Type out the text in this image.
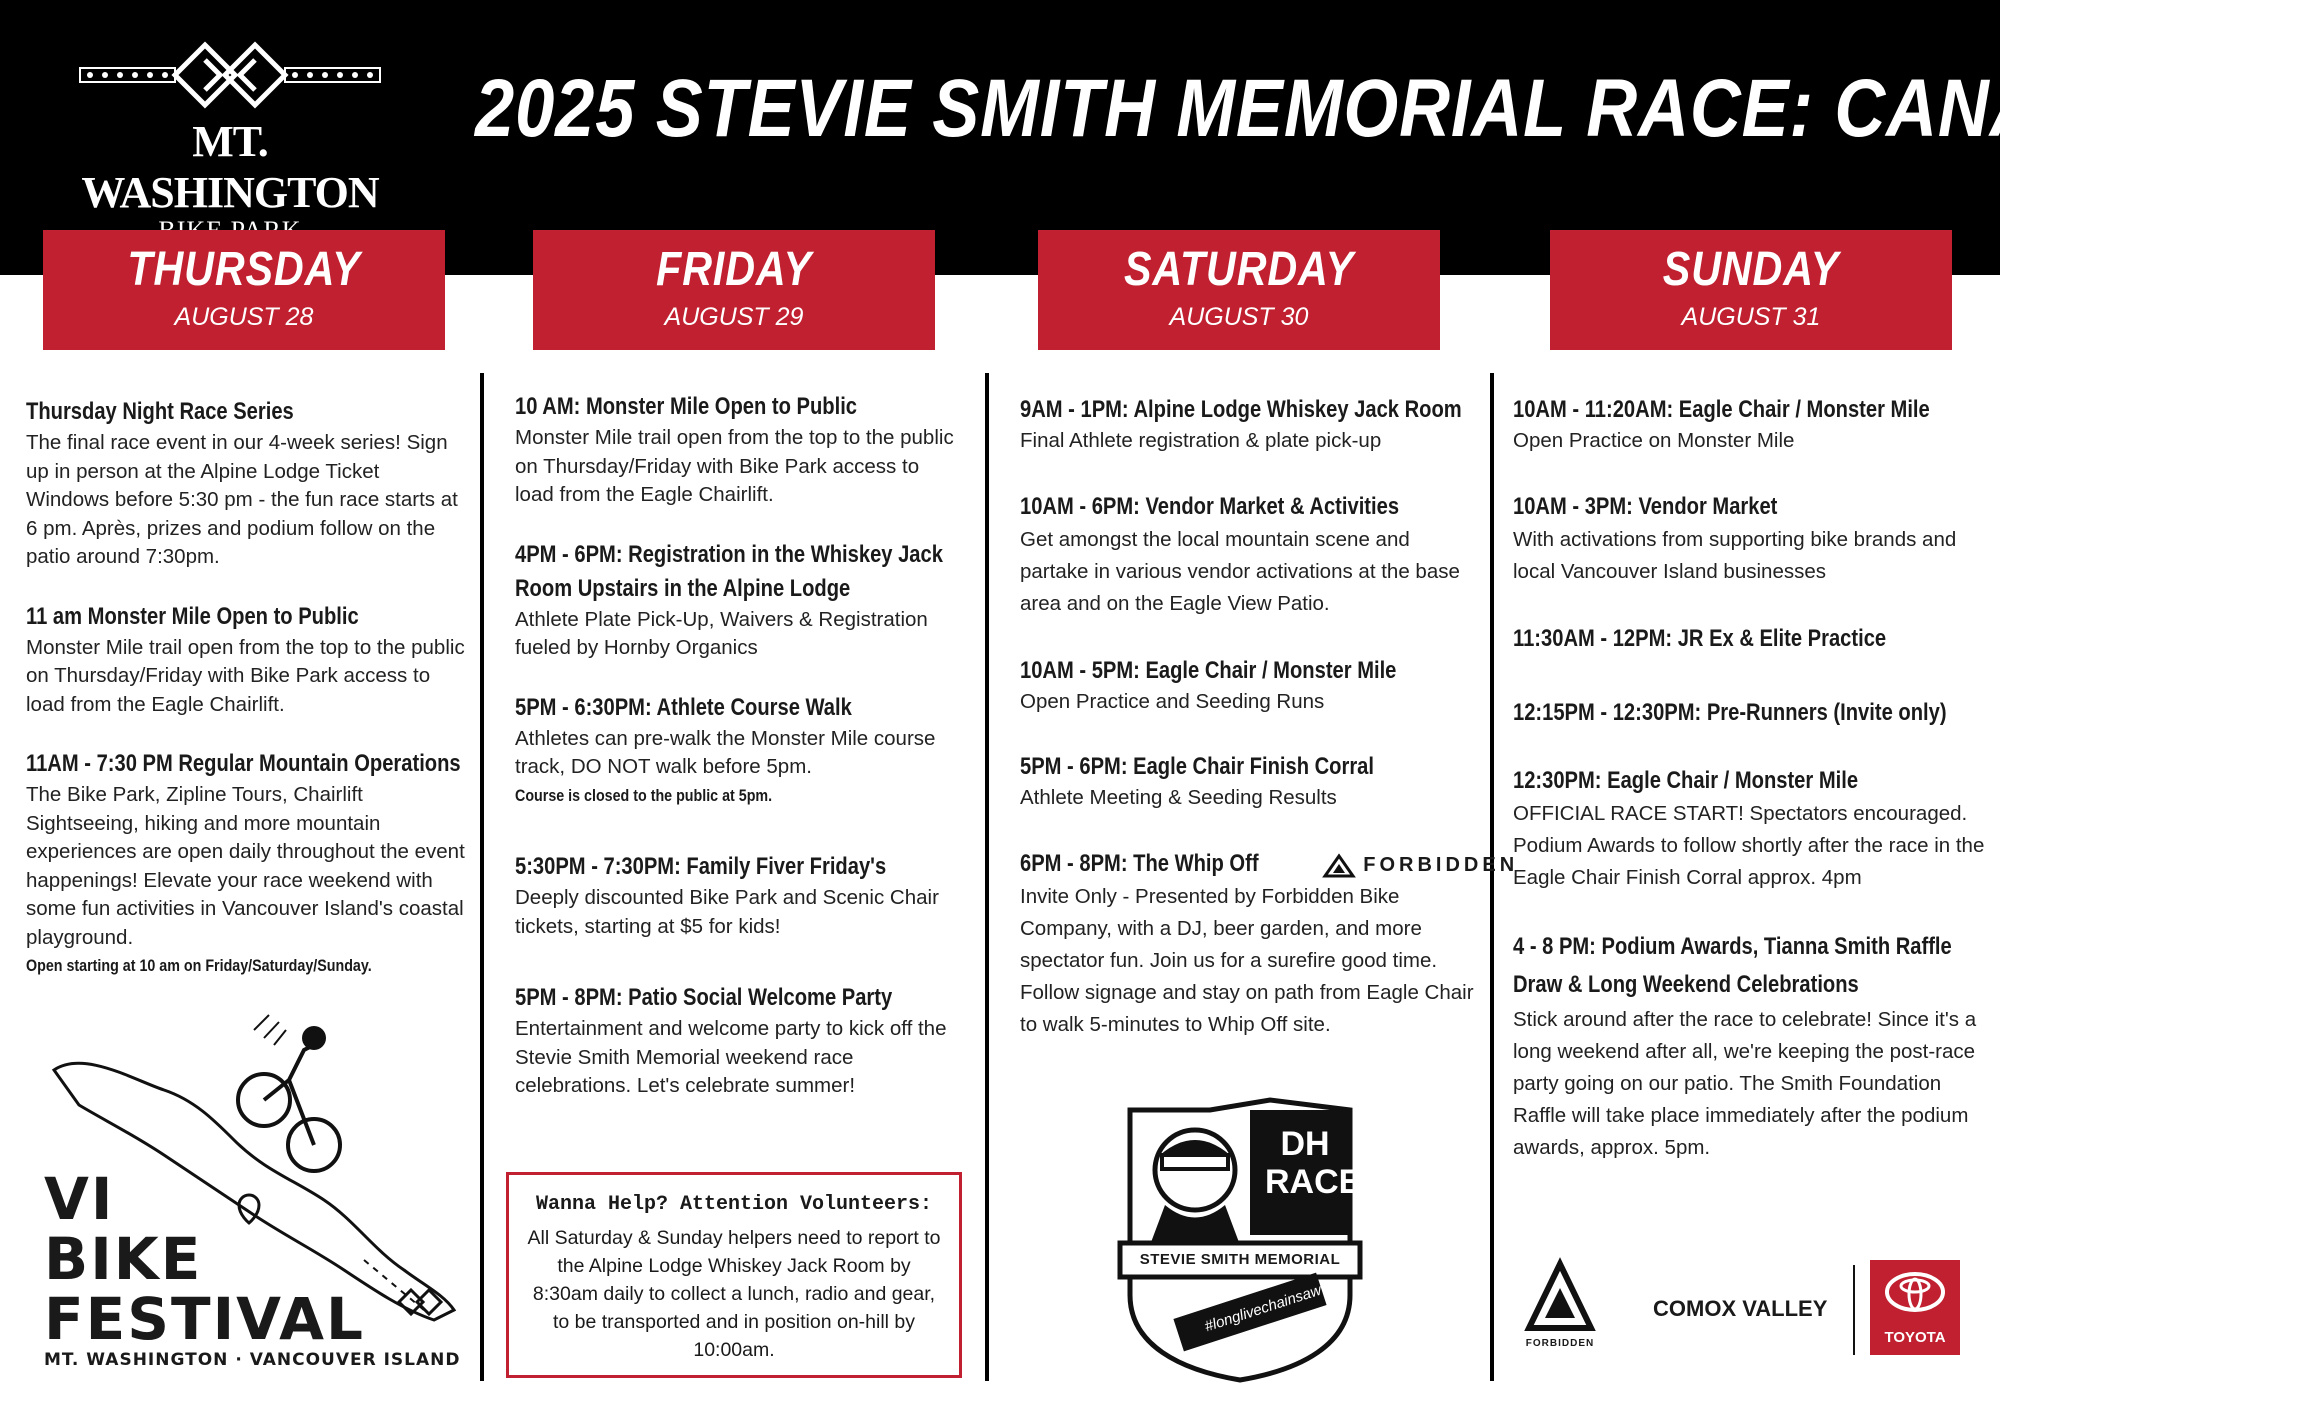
MT. WASHINGTON
2025 STEVIE SMITH MEMORIAL RACE: CANADA CUP
THURSDAY
AUGUST 28
FRIDAY
AUGUST 29
SATURDAY
AUGUST 30
SUNDAY
AUGUST 31
Thursday Night Race Series
The final race event in our 4-week series! Sign up in person at the Alpine Lodge Ticket Windows before 5:30 pm - the fun race starts at 6 pm. Après, prizes and podium follow on the patio around 7:30pm.
11 am Monster Mile Open to Public
Monster Mile trail open from the top to the public on Thursday/Friday with Bike Park access to load from the Eagle Chairlift.
11AM - 7:30 PM Regular Mountain Operations
The Bike Park, Zipline Tours, Chairlift Sightseeing, hiking and more mountain experiences are open daily throughout the event happenings! Elevate your race weekend with some fun activities in Vancouver Island's coastal playground.
Open starting at 10 am on Friday/Saturday/Sunday.
VI
BIKE
FESTIVAL
MT. WASHINGTON · VANCOUVER ISLAND
10 AM: Monster Mile Open to Public
Monster Mile trail open from the top to the public on Thursday/Friday with Bike Park access to load from the Eagle Chairlift.
4PM - 6PM: Registration in the Whiskey Jack Room Upstairs in the Alpine Lodge
Athlete Plate Pick-Up, Waivers & Registration fueled by Hornby Organics
5PM - 6:30PM: Athlete Course Walk
Athletes can pre-walk the Monster Mile course track, DO NOT walk before 5pm.
Course is closed to the public at 5pm.
5:30PM - 7:30PM: Family Fiver Friday's
Deeply discounted Bike Park and Scenic Chair tickets, starting at $5 for kids!
5PM - 8PM: Patio Social Welcome Party
Entertainment and welcome party to kick off the Stevie Smith Memorial weekend race celebrations. Let's celebrate summer!
Wanna Help? Attention Volunteers:
All Saturday & Sunday helpers need to report to the Alpine Lodge Whiskey Jack Room by 8:30am daily to collect a lunch, radio and gear, to be transported and in position on-hill by 10:00am.
9AM - 1PM: Alpine Lodge Whiskey Jack Room
Final Athlete registration & plate pick-up
10AM - 6PM: Vendor Market & Activities
Get amongst the local mountain scene and partake in various vendor activations at the base area and on the Eagle View Patio.
10AM - 5PM: Eagle Chair / Monster Mile
Open Practice and Seeding Runs
5PM - 6PM: Eagle Chair Finish Corral
Athlete Meeting & Seeding Results
6PM - 8PM: The Whip Off	FORBIDDEN
Invite Only - Presented by Forbidden Bike Company, with a DJ, beer garden, and more spectator fun. Join us for a surefire good time. Follow signage and stay on path from Eagle Chair to walk 5-minutes to Whip Off site.
DH
RACE
STEVIE SMITH MEMORIAL
#longlivechainsaw
10AM - 11:20AM: Eagle Chair / Monster Mile
Open Practice on Monster Mile
10AM - 3PM: Vendor Market
With activations from supporting bike brands and local Vancouver Island businesses
11:30AM - 12PM: JR Ex & Elite Practice
12:15PM - 12:30PM: Pre-Runners (Invite only)
12:30PM: Eagle Chair / Monster Mile
OFFICIAL RACE START! Spectators encouraged. Podium Awards to follow shortly after the race in the Eagle Chair Finish Corral approx. 4pm
4 - 8 PM: Podium Awards, Tianna Smith Raffle Draw & Long Weekend Celebrations
Stick around after the race to celebrate! Since it's a long weekend after all, we're keeping the post-race party going on our patio. The Smith Foundation Raffle will take place immediately after the podium awards, approx. 5pm.
FORBIDDEN
COMOX VALLEY
TOYOTA
